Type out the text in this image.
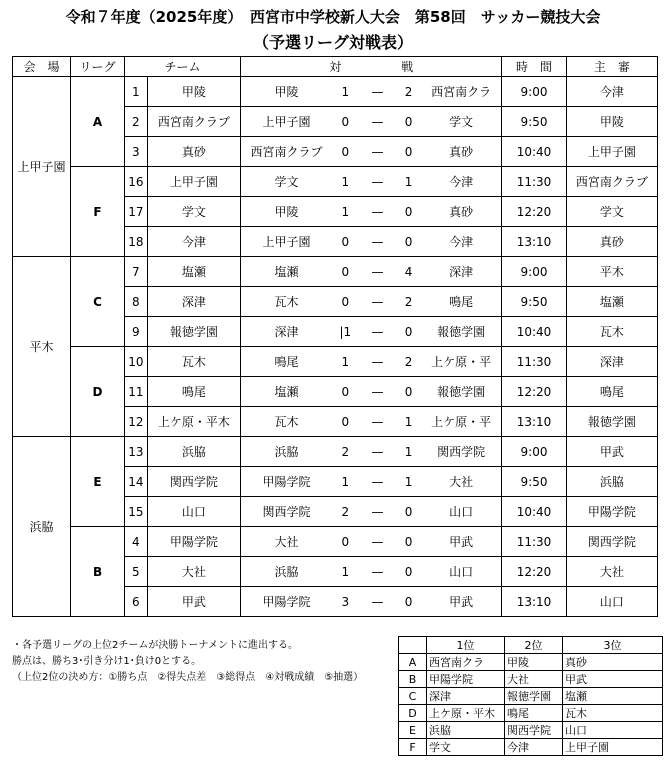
令和７年度（2025年度）　西宮市中学校新人大会　第58回　サッカー競技大会
（予選リーグ対戦表）
会　場	リーグ	チーム		対　　　　　戦					時　間	主　審
上甲子園	A	1	甲陵	甲陵	1	—	2	西宮南クラ	9:00	今津
		2	西宮南クラブ	上甲子園	0	—	0	学文	9:50	甲陵
		3	真砂	西宮南クラブ	0	—	0	真砂	10:40	上甲子園
	F	16	上甲子園	学文	1	—	1	今津	11:30	西宮南クラブ
		17	学文	甲陵	1	—	0	真砂	12:20	学文
		18	今津	上甲子園	0	—	0	今津	13:10	真砂
平木	C	7	塩瀬	塩瀬	0	—	4	深津	9:00	平木
		8	深津	瓦木	0	—	2	鳴尾	9:50	塩瀬
		9	報徳学園	深津	|1	—	0	報徳学園	10:40	瓦木
	D	10	瓦木	鳴尾	1	—	2	上ケ原・平	11:30	深津
		11	鳴尾	塩瀬	0	—	0	報徳学園	12:20	鳴尾
		12	上ケ原・平木	瓦木	0	—	1	上ケ原・平	13:10	報徳学園
浜脇	E	13	浜脇	浜脇	2	—	1	関西学院	9:00	甲武
		14	関西学院	甲陽学院	1	—	1	大社	9:50	浜脇
		15	山口	関西学院	2	—	0	山口	10:40	甲陽学院
	B	4	甲陽学院	大社	0	—	0	甲武	11:30	関西学院
		5	大社	浜脇	1	—	0	山口	12:20	大社
		6	甲武	甲陽学院	3	—	0	甲武	13:10	山口
・各予選リーグの上位2チームが決勝トーナメントに進出する。
勝点は、勝ち3･引き分け1･負け0とする。
（上位2位の決め方：①勝ち点　②得失点差　③総得点　④対戦成績　⑤抽選）
	1位	2位	3位
A	西宮南クラ	甲陵	真砂
B	甲陽学院	大社	甲武
C	深津	報徳学園	塩瀬
D	上ケ原・平木	鳴尾	瓦木
E	浜脇	関西学院	山口
F	学文	今津	上甲子園
